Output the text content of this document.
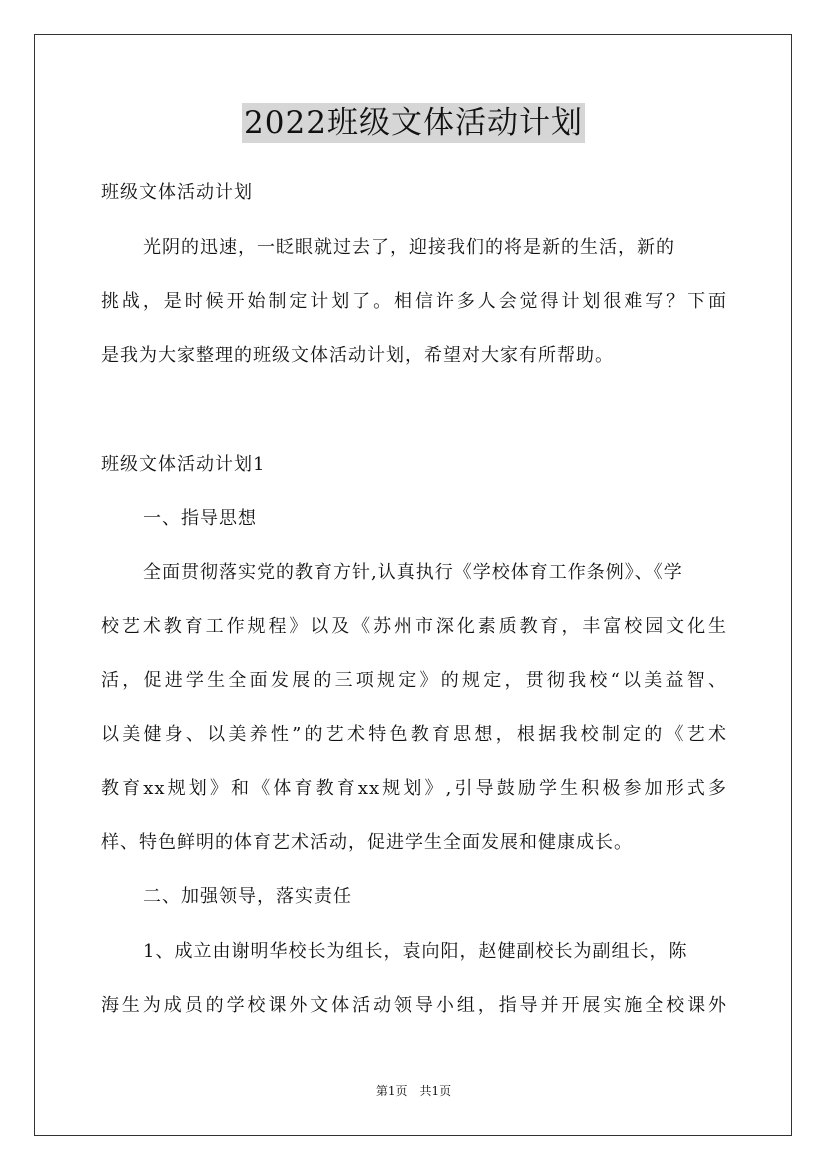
2022班级文体活动计划
班级文体活动计划
光阴的迅速，一眨眼就过去了，迎接我们的将是新的生活，新的
挑战，是时候开始制定计划了。相信许多人会觉得计划很难写？下面
是我为大家整理的班级文体活动计划，希望对大家有所帮助。
班级文体活动计划1
一、指导思想
全面贯彻落实党的教育方针,认真执行《学校体育工作条例》、《学
校艺术教育工作规程》以及《苏州市深化素质教育，丰富校园文化生
活，促进学生全面发展的三项规定》的规定，贯彻我校“以美益智、
以美健身、以美养性”的艺术特色教育思想，根据我校制定的《艺术
教育xx规划》和《体育教育xx规划》,引导鼓励学生积极参加形式多
样、特色鲜明的体育艺术活动，促进学生全面发展和健康成长。
二、加强领导，落实责任
1、成立由谢明华校长为组长，袁向阳，赵健副校长为副组长，陈
海生为成员的学校课外文体活动领导小组，指导并开展实施全校课外
第1页　共1页
